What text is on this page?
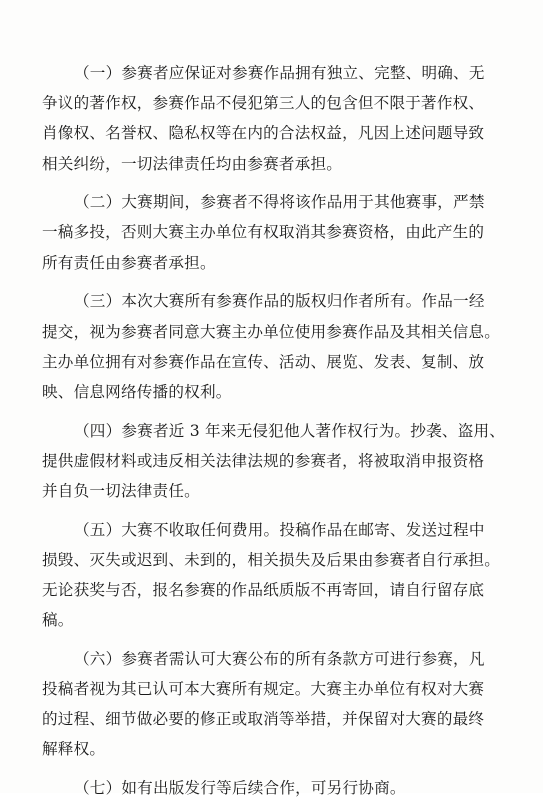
（一）参赛者应保证对参赛作品拥有独立、完整、明确、无
争议的著作权，参赛作品不侵犯第三人的包含但不限于著作权、
肖像权、名誉权、隐私权等在内的合法权益，凡因上述问题导致
相关纠纷，一切法律责任均由参赛者承担。
（二）大赛期间，参赛者不得将该作品用于其他赛事，严禁
一稿多投，否则大赛主办单位有权取消其参赛资格，由此产生的
所有责任由参赛者承担。
（三）本次大赛所有参赛作品的版权归作者所有。作品一经
提交，视为参赛者同意大赛主办单位使用参赛作品及其相关信息。
主办单位拥有对参赛作品在宣传、活动、展览、发表、复制、放
映、信息网络传播的权利。
（四）参赛者近 3 年来无侵犯他人著作权行为。抄袭、盗用、
提供虚假材料或违反相关法律法规的参赛者，将被取消申报资格
并自负一切法律责任。
（五）大赛不收取任何费用。投稿作品在邮寄、发送过程中
损毁、灭失或迟到、未到的，相关损失及后果由参赛者自行承担。
无论获奖与否，报名参赛的作品纸质版不再寄回，请自行留存底
稿。
（六）参赛者需认可大赛公布的所有条款方可进行参赛，凡
投稿者视为其已认可本大赛所有规定。大赛主办单位有权对大赛
的过程、细节做必要的修正或取消等举措，并保留对大赛的最终
解释权。
（七）如有出版发行等后续合作，可另行协商。
